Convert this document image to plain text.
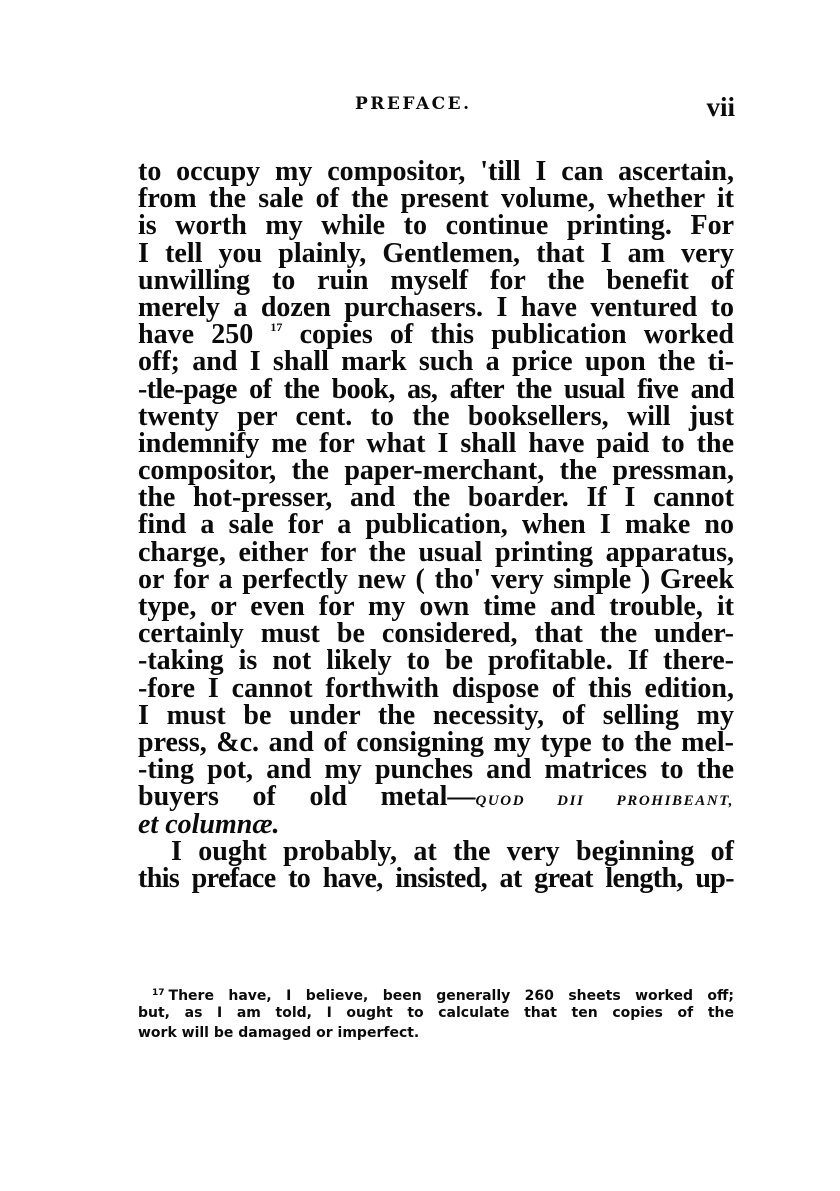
PREFACE.	vii
to occupy my compositor, 'till I can ascertain,
from the sale of the present volume, whether it
is worth my while to continue printing. For
I tell you plainly, Gentlemen, that I am very
unwilling to ruin myself for the benefit of
merely a dozen purchasers. I have ventured to
have 250 $^{17}$ copies of this publication worked
off; and I shall mark such a price upon the ti-
-tle-page of the book, as, after the usual five and
twenty per cent. to the booksellers, will just
indemnify me for what I shall have paid to the
compositor, the paper-merchant, the pressman,
the hot-presser, and the boarder. If I cannot
find a sale for a publication, when I make no
charge, either for the usual printing apparatus,
or for a perfectly new ( tho' very simple ) Greek
type, or even for my own time and trouble, it
certainly must be considered, that the under-
-taking is not likely to be profitable. If there-
-fore I cannot forthwith dispose of this edition,
I must be under the necessity, of selling my
press, &c. and of consigning my type to the mel-
-ting pot, and my punches and matrices to the
buyers of old metal—QUOD DII PROHIBEANT,
et columnæ.
I ought probably, at the very beginning of
this preface to have, insisted, at great length, up-
$^{17}$ There have, I believe, been generally 260 sheets worked off;
but, as I am told, I ought to calculate that ten copies of the
work will be damaged or imperfect.
